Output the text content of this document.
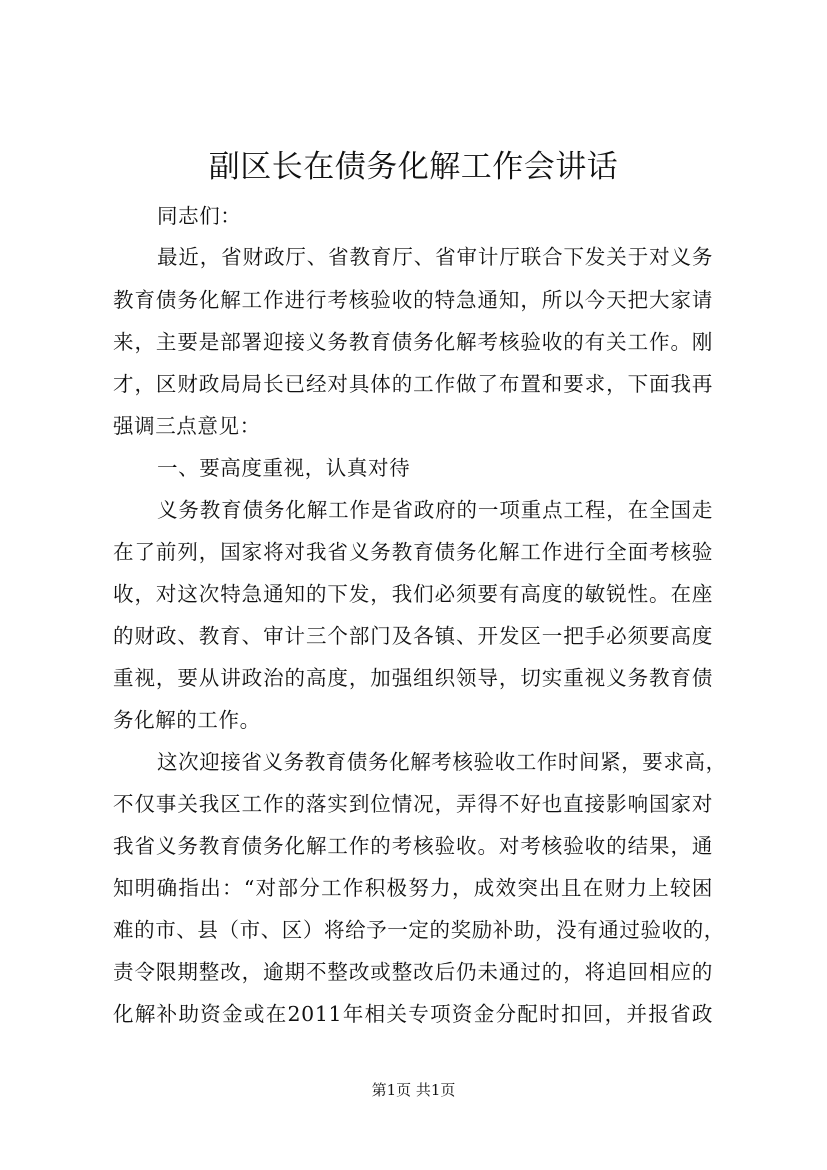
副区长在债务化解工作会讲话
同志们：
最近，省财政厅、省教育厅、省审计厅联合下发关于对义务
教育债务化解工作进行考核验收的特急通知，所以今天把大家请
来，主要是部署迎接义务教育债务化解考核验收的有关工作。刚
才，区财政局局长已经对具体的工作做了布置和要求，下面我再
强调三点意见：
一、要高度重视，认真对待
义务教育债务化解工作是省政府的一项重点工程，在全国走
在了前列，国家将对我省义务教育债务化解工作进行全面考核验
收，对这次特急通知的下发，我们必须要有高度的敏锐性。在座
的财政、教育、审计三个部门及各镇、开发区一把手必须要高度
重视，要从讲政治的高度，加强组织领导，切实重视义务教育债
务化解的工作。
这次迎接省义务教育债务化解考核验收工作时间紧，要求高，
不仅事关我区工作的落实到位情况，弄得不好也直接影响国家对
我省义务教育债务化解工作的考核验收。对考核验收的结果，通
知明确指出：“对部分工作积极努力，成效突出且在财力上较困
难的市、县（市、区）将给予一定的奖励补助，没有通过验收的，
责令限期整改，逾期不整改或整改后仍未通过的，将追回相应的
化解补助资金或在2011年相关专项资金分配时扣回，并报省政
第1页 共1页
